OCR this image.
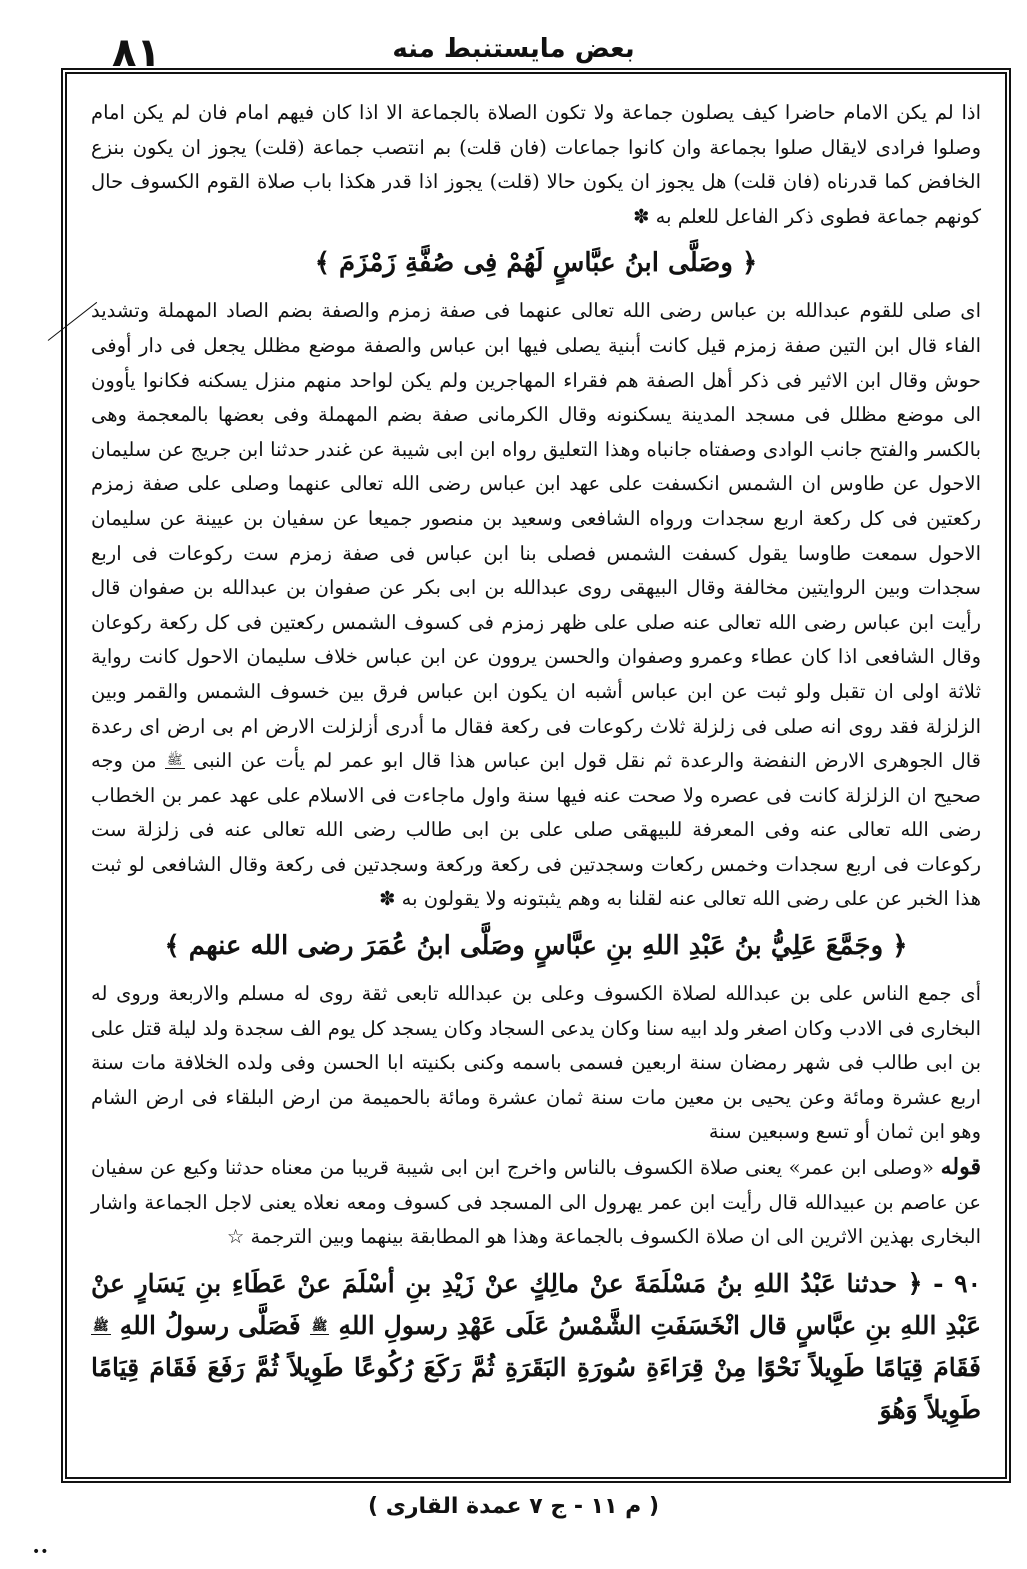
٨١	بعض مايستنبط منه

اذا لم يكن الامام حاضرا كيف يصلون جماعة ولا تكون الصلاة بالجماعة الا اذا كان فيهم امام فان لم يكن امام وصلوا فرادى لايقال صلوا بجماعة وان كانوا جماعات (فان قلت) بم انتصب جماعة (قلت) يجوز ان يكون بنزع الخافض كما قدرناه (فان قلت) هل يجوز ان يكون حالا (قلت) يجوز اذا قدر هكذا باب صلاة القوم الكسوف حال كونهم جماعة فطوى ذكر الفاعل للعلم به ✽

﴿ وصَلَّى ابنُ عبَّاسٍ لَهُمْ فِى صُفَّةِ زَمْزَمَ ﴾

اى صلى للقوم عبدالله بن عباس رضى الله تعالى عنهما فى صفة زمزم والصفة بضم الصاد المهملة وتشديد الفاء قال ابن التين صفة زمزم قيل كانت أبنية يصلى فيها ابن عباس والصفة موضع مظلل يجعل فى دار أوفى حوش وقال ابن الاثير فى ذكر أهل الصفة هم فقراء المهاجرين ولم يكن لواحد منهم منزل يسكنه فكانوا يأوون الى موضع مظلل فى مسجد المدينة يسكنونه وقال الكرمانى صفة بضم المهملة وفى بعضها بالمعجمة وهى بالكسر والفتح جانب الوادى وصفتاه جانباه وهذا التعليق رواه ابن ابى شيبة عن غندر حدثنا ابن جريج عن سليمان الاحول عن طاوس ان الشمس انكسفت على عهد ابن عباس رضى الله تعالى عنهما وصلى على صفة زمزم ركعتين فى كل ركعة اربع سجدات ورواه الشافعى وسعيد بن منصور جميعا عن سفيان بن عيينة عن سليمان الاحول سمعت طاوسا يقول كسفت الشمس فصلى بنا ابن عباس فى صفة زمزم ست ركوعات فى اربع سجدات وبين الروايتين مخالفة وقال البيهقى روى عبدالله بن ابى بكر عن صفوان بن عبدالله بن صفوان قال رأيت ابن عباس رضى الله تعالى عنه صلى على ظهر زمزم فى كسوف الشمس ركعتين فى كل ركعة ركوعان وقال الشافعى اذا كان عطاء وعمرو وصفوان والحسن يروون عن ابن عباس خلاف سليمان الاحول كانت رواية ثلاثة اولى ان تقبل ولو ثبت عن ابن عباس أشبه ان يكون ابن عباس فرق بين خسوف الشمس والقمر وبين الزلزلة فقد روى انه صلى فى زلزلة ثلاث ركوعات فى ركعة فقال ما أدرى أزلزلت الارض ام بى ارض اى رعدة قال الجوهرى الارض النفضة والرعدة ثم نقل قول ابن عباس هذا قال ابو عمر لم يأت عن النبى ﷺ من وجه صحيح ان الزلزلة كانت فى عصره ولا صحت عنه فيها سنة واول ماجاءت فى الاسلام على عهد عمر بن الخطاب رضى الله تعالى عنه وفى المعرفة للبيهقى صلى على بن ابى طالب رضى الله تعالى عنه فى زلزلة ست ركوعات فى اربع سجدات وخمس ركعات وسجدتين فى ركعة وركعة وسجدتين فى ركعة وقال الشافعى لو ثبت هذا الخبر عن على رضى الله تعالى عنه لقلنا به وهم يثبتونه ولا يقولون به ✽

﴿ وجَمَّعَ عَلِيُّ بنُ عَبْدِ اللهِ بنِ عبَّاسٍ وصَلَّى ابنُ عُمَرَ رضى الله عنهم ﴾

أى جمع الناس على بن عبدالله لصلاة الكسوف وعلى بن عبدالله تابعى ثقة روى له مسلم والاربعة وروى له البخارى فى الادب وكان اصغر ولد ابيه سنا وكان يدعى السجاد وكان يسجد كل يوم الف سجدة ولد ليلة قتل على بن ابى طالب فى شهر رمضان سنة اربعين فسمى باسمه وكنى بكنيته ابا الحسن وفى ولده الخلافة مات سنة اربع عشرة ومائة وعن يحيى بن معين مات سنة ثمان عشرة ومائة بالحميمة من ارض البلقاء فى ارض الشام وهو ابن ثمان أو تسع وسبعين سنة

قوله «وصلى ابن عمر» يعنى صلاة الكسوف بالناس واخرج ابن ابى شيبة قريبا من معناه حدثنا وكيع عن سفيان عن عاصم بن عبيدالله قال رأيت ابن عمر يهرول الى المسجد فى كسوف ومعه نعلاه يعنى لاجل الجماعة واشار البخارى بهذين الاثرين الى ان صلاة الكسوف بالجماعة وهذا هو المطابقة بينهما وبين الترجمة ☆

٩٠ - ﴿ حدثنا عَبْدُ اللهِ بنُ مَسْلَمَةَ عنْ مالِكٍ عنْ زَيْدِ بنِ أسْلَمَ عنْ عَطَاءِ بنِ يَسَارٍ عنْ عَبْدِ اللهِ بنِ عبَّاسٍ قال انْخَسَفَتِ الشَّمْسُ عَلَى عَهْدِ رسولِ اللهِ ﷺ فَصَلَّى رسولُ اللهِ ﷺ فَقَامَ قِيَامًا طَوِيلاً نَحْوًا مِنْ قِرَاءَةِ سُورَةِ البَقَرَةِ ثُمَّ رَكَعَ رُكُوعًا طَوِيلاً ثُمَّ رَفَعَ فَقَامَ قِيَامًا طَوِيلاً وَهُوَ

( م ١١ - ج ٧ عمدة القارى )
••
